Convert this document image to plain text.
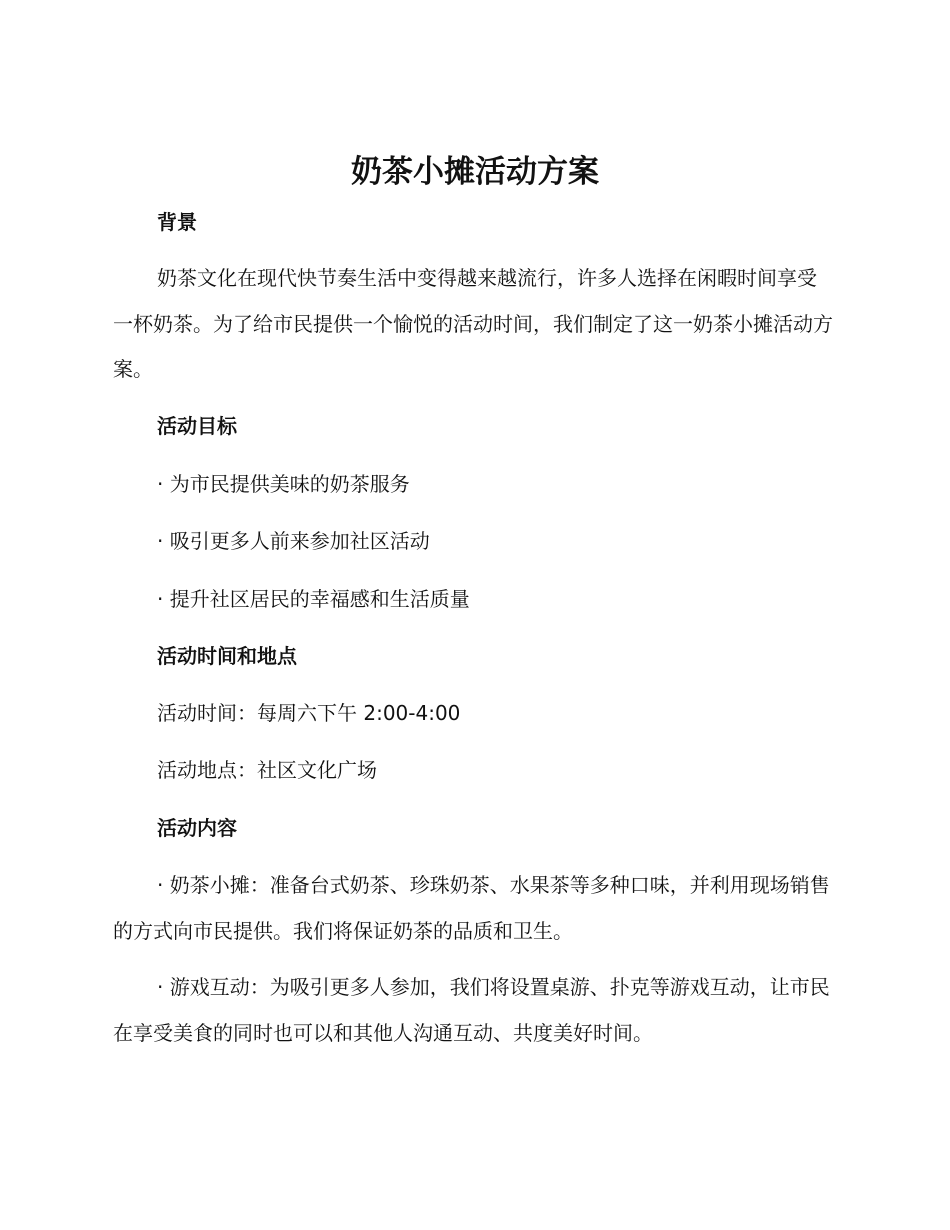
奶茶小摊活动方案
背景
奶茶文化在现代快节奏生活中变得越来越流行，许多人选择在闲暇时间享受一杯奶茶。为了给市民提供一个愉悦的活动时间，我们制定了这一奶茶小摊活动方案。
活动目标
· 为市民提供美味的奶茶服务
· 吸引更多人前来参加社区活动
· 提升社区居民的幸福感和生活质量
活动时间和地点
活动时间：每周六下午 2:00-4:00
活动地点：社区文化广场
活动内容
· 奶茶小摊：准备台式奶茶、珍珠奶茶、水果茶等多种口味，并利用现场销售的方式向市民提供。我们将保证奶茶的品质和卫生。
· 游戏互动：为吸引更多人参加，我们将设置桌游、扑克等游戏互动，让市民在享受美食的同时也可以和其他人沟通互动、共度美好时间。
